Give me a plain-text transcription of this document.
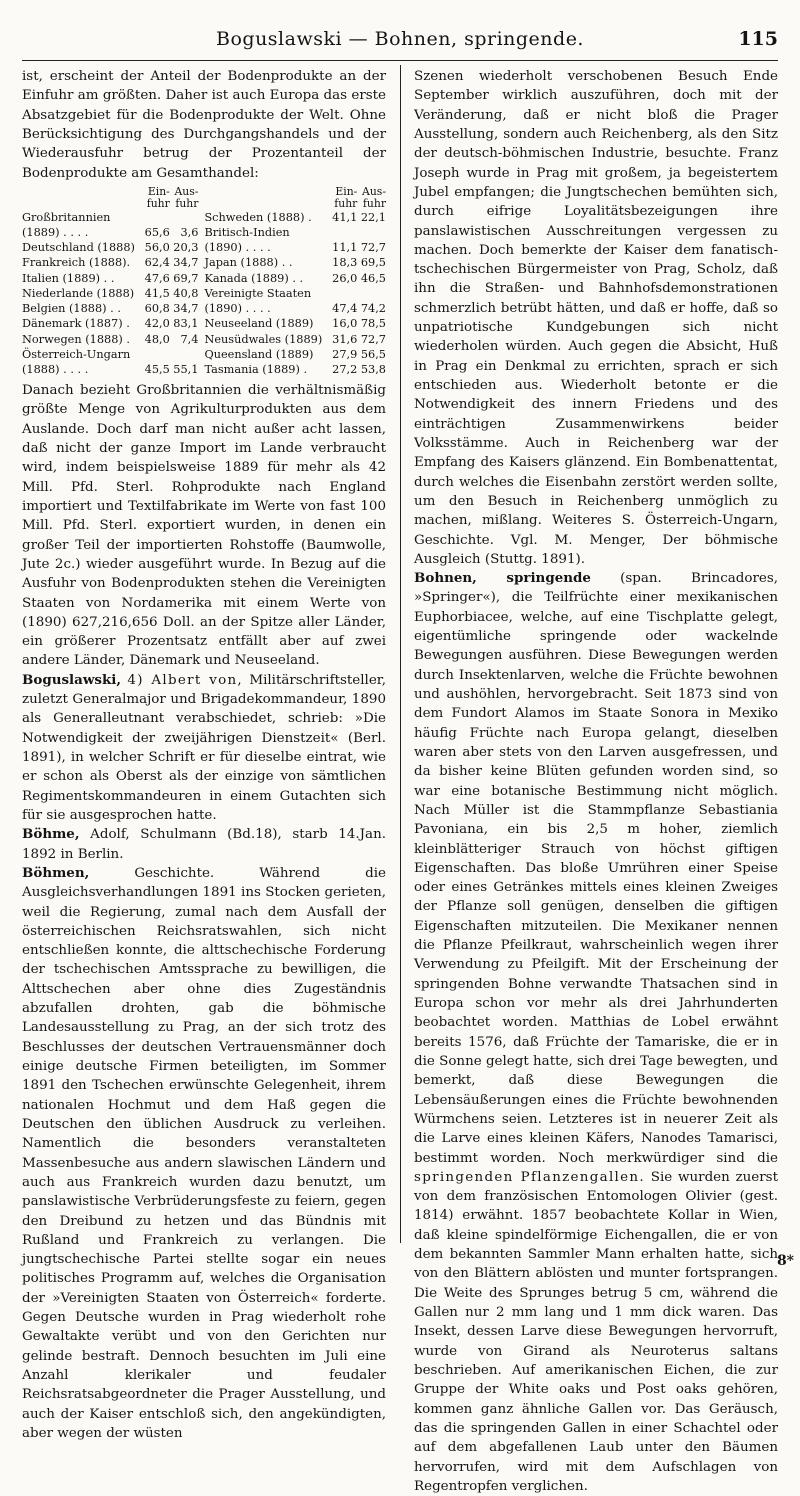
Boguslawski — Bohnen, springende.	115

ist, erscheint der Anteil der Bodenprodukte an der Einfuhr am größten. Daher ist auch Europa das erste Absatzgebiet für die Bodenprodukte der Welt. Ohne Berücksichtigung des Durchgangshandels und der Wiederausfuhr betrug der Prozentanteil der Bodenprodukte am Gesamthandel:

	Ein-	Aus-			Ein-	Aus-
	fuhr	fuhr			fuhr	fuhr
Großbritannien				Schweden (1888) .	41,1	22,1
(1889) . . . .	65,6	3,6		Britisch-Indien		
Deutschland (1888)	56,0	20,3		(1890) . . . .	11,1	72,7
Frankreich (1888).	62,4	34,7		Japan (1888) . .	18,3	69,5
Italien (1889) . .	47,6	69,7		Kanada (1889) . .	26,0	46,5
Niederlande (1888)	41,5	40,8		Vereinigte Staaten		
Belgien (1888) . .	60,8	34,7		(1890) . . . .	47,4	74,2
Dänemark (1887) .	42,0	83,1		Neuseeland (1889)	16,0	78,5
Norwegen (1888) .	48,0	7,4		Neusüdwales (1889)	31,6	72,7
Österreich-Ungarn				Queensland (1889)	27,9	56,5
(1888) . . . .	45,5	55,1		Tasmania (1889) .	27,2	53,8

Danach bezieht Großbritannien die verhältnismäßig größte Menge von Agrikulturprodukten aus dem Auslande. Doch darf man nicht außer acht lassen, daß nicht der ganze Import im Lande verbraucht wird, indem beispielsweise 1889 für mehr als 42 Mill. Pfd. Sterl. Rohprodukte nach England importiert und Textilfabrikate im Werte von fast 100 Mill. Pfd. Sterl. exportiert wurden, in denen ein großer Teil der importierten Rohstoffe (Baumwolle, Jute 2c.) wieder ausgeführt wurde. In Bezug auf die Ausfuhr von Bodenprodukten stehen die Vereinigten Staaten von Nordamerika mit einem Werte von (1890) 627,216,656 Doll. an der Spitze aller Länder, ein größerer Prozentsatz entfällt aber auf zwei andere Länder, Dänemark und Neuseeland.

Boguslawski, 4) Albert von, Militärschriftsteller, zuletzt Generalmajor und Brigadekommandeur, 1890 als Generalleutnant verabschiedet, schrieb: »Die Notwendigkeit der zweijährigen Dienstzeit« (Berl. 1891), in welcher Schrift er für dieselbe eintrat, wie er schon als Oberst als der einzige von sämtlichen Regimentskommandeuren in einem Gutachten sich für sie ausgesprochen hatte.

Böhme, Adolf, Schulmann (Bd.18), starb 14.Jan. 1892 in Berlin.

Böhmen,	Geschichte. Während die Ausgleichsverhandlungen 1891 ins Stocken gerieten, weil die Regierung, zumal nach dem Ausfall der österreichischen Reichsratswahlen, sich nicht entschließen konnte, die alttschechische Forderung der tschechischen Amtssprache zu bewilligen, die Alttschechen aber ohne dies Zugeständnis abzufallen drohten, gab die böhmische Landesausstellung zu Prag, an der sich trotz des Beschlusses der deutschen Vertrauensmänner doch einige deutsche Firmen beteiligten, im Sommer 1891 den Tschechen erwünschte Gelegenheit, ihrem nationalen Hochmut und dem Haß gegen die Deutschen den üblichen Ausdruck zu verleihen. Namentlich die besonders veranstalteten Massenbesuche aus andern slawischen Ländern und auch aus Frankreich wurden dazu benutzt, um panslawistische Verbrüderungsfeste zu feiern, gegen den Dreibund zu hetzen und das Bündnis mit Rußland und Frankreich zu verlangen. Die jungtschechische Partei stellte sogar ein neues politisches Programm auf, welches die Organisation der »Vereinigten Staaten von Österreich« forderte. Gegen Deutsche wurden in Prag wiederholt rohe Gewaltakte verübt und von den Gerichten nur gelinde bestraft. Dennoch besuchten im Juli eine Anzahl klerikaler und feudaler Reichsratsabgeordneter die Prager Ausstellung, und auch der Kaiser entschloß sich, den angekündigten, aber wegen der wüsten

Szenen wiederholt verschobenen Besuch Ende September wirklich auszuführen, doch mit der Veränderung, daß er nicht bloß die Prager Ausstellung, sondern auch Reichenberg, als den Sitz der deutsch-böhmischen Industrie, besuchte. Franz Joseph wurde in Prag mit großem, ja begeistertem Jubel empfangen; die Jungtschechen bemühten sich, durch eifrige Loyalitätsbezeigungen ihre panslawistischen Ausschreitungen vergessen zu machen. Doch bemerkte der Kaiser dem fanatisch-tschechischen Bürgermeister von Prag, Scholz, daß ihn die Straßen- und Bahnhofsdemonstrationen schmerzlich betrübt hätten, und daß er hoffe, daß so unpatriotische Kundgebungen sich nicht wiederholen würden. Auch gegen die Absicht, Huß in Prag ein Denkmal zu errichten, sprach er sich entschieden aus. Wiederholt betonte er die Notwendigkeit des innern Friedens und des einträchtigen Zusammenwirkens beider Volksstämme. Auch in Reichenberg war der Empfang des Kaisers glänzend. Ein Bombenattentat, durch welches die Eisenbahn zerstört werden sollte, um den Besuch in Reichenberg unmöglich zu machen, mißlang. Weiteres S. Österreich-Ungarn, Geschichte. Vgl. M. Menger, Der böhmische Ausgleich (Stuttg. 1891).

Bohnen, springende (span. Brincadores, »Springer«), die Teilfrüchte einer mexikanischen Euphorbiacee, welche, auf eine Tischplatte gelegt, eigentümliche springende oder wackelnde Bewegungen ausführen. Diese Bewegungen werden durch Insektenlarven, welche die Früchte bewohnen und aushöhlen, hervorgebracht. Seit 1873 sind von dem Fundort Alamos im Staate Sonora in Mexiko häufig Früchte nach Europa gelangt, dieselben waren aber stets von den Larven ausgefressen, und da bisher keine Blüten gefunden worden sind, so war eine botanische Bestimmung nicht möglich. Nach Müller ist die Stammpflanze Sebastiania Pavoniana, ein bis 2,5 m hoher, ziemlich kleinblätteriger Strauch von höchst giftigen Eigenschaften. Das bloße Umrühren einer Speise oder eines Getränkes mittels eines kleinen Zweiges der Pflanze soll genügen, denselben die giftigen Eigenschaften mitzuteilen. Die Mexikaner nennen die Pflanze Pfeilkraut, wahrscheinlich wegen ihrer Verwendung zu Pfeilgift. Mit der Erscheinung der springenden Bohne verwandte Thatsachen sind in Europa schon vor mehr als drei Jahrhunderten beobachtet worden. Matthias de Lobel erwähnt bereits 1576, daß Früchte der Tamariske, die er in die Sonne gelegt hatte, sich drei Tage bewegten, und bemerkt, daß diese Bewegungen die Lebensäußerungen eines die Früchte bewohnenden Würmchens seien. Letzteres ist in neuerer Zeit als die Larve eines kleinen Käfers, Nanodes Tamarisci, bestimmt worden. Noch merkwürdiger sind die springenden Pflanzengallen. Sie wurden zuerst von dem französischen Entomologen Olivier (gest. 1814) erwähnt. 1857 beobachtete Kollar in Wien, daß kleine spindelförmige Eichengallen, die er von dem bekannten Sammler Mann erhalten hatte, sich von den Blättern ablösten und munter fortsprangen. Die Weite des Sprunges betrug 5 cm, während die Gallen nur 2 mm lang und 1 mm dick waren. Das Insekt, dessen Larve diese Bewegungen hervorruft, wurde von Girand als Neuroterus saltans beschrieben. Auf amerikanischen Eichen, die zur Gruppe der White oaks und Post oaks gehören, kommen ganz ähnliche Gallen vor. Das Geräusch, das die springenden Gallen in einer Schachtel oder auf dem abgefallenen Laub unter den Bäumen hervorrufen, wird mit dem Aufschlagen von Regentropfen verglichen.

8*
